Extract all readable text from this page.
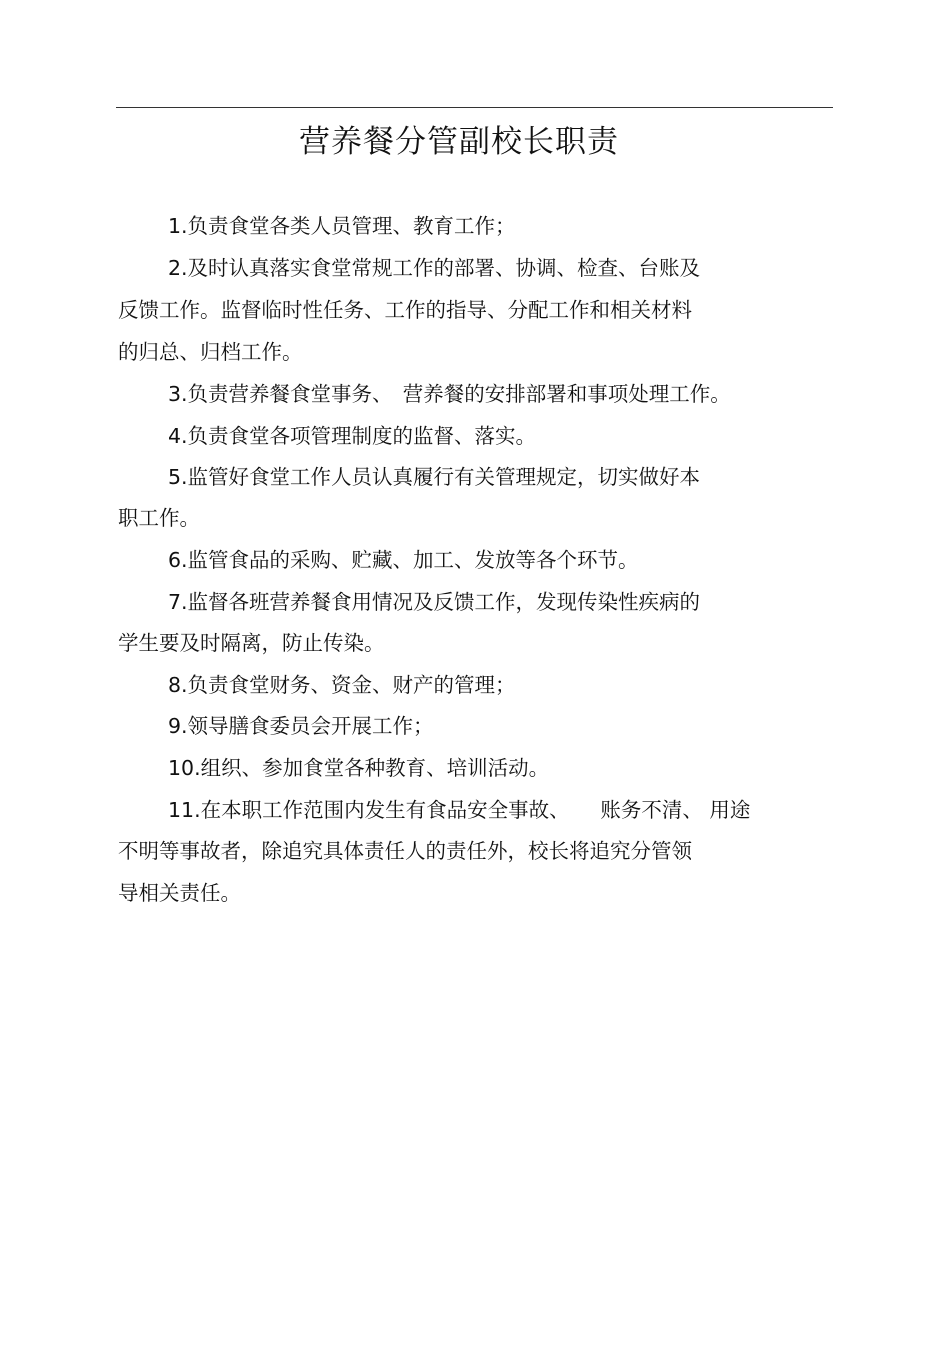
营养餐分管副校长职责
1.负责食堂各类人员管理、教育工作；
2.及时认真落实食堂常规工作的部署、协调、检查、台账及
反馈工作。监督临时性任务、工作的指导、分配工作和相关材料
的归总、归档工作。
3.负责营养餐食堂事务、　营养餐的安排部署和事项处理工作。
4.负责食堂各项管理制度的监督、落实。
5.监管好食堂工作人员认真履行有关管理规定，切实做好本
职工作。
6.监管食品的采购、贮藏、加工、发放等各个环节。
7.监督各班营养餐食用情况及反馈工作，发现传染性疾病的
学生要及时隔离，防止传染。
8.负责食堂财务、资金、财产的管理；
9.领导膳食委员会开展工作；
10.组织、参加食堂各种教育、培训活动。
11.在本职工作范围内发生有食品安全事故、　　账务不清、 用途
不明等事故者，除追究具体责任人的责任外，校长将追究分管领
导相关责任。
